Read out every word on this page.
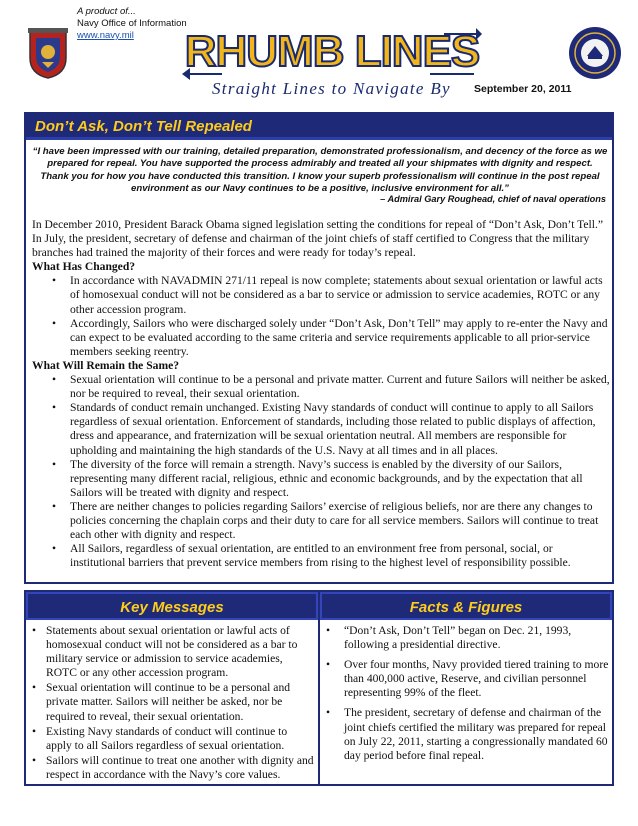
A product of...
Navy Office of Information
www.navy.mil	RHUMB LINES
Straight Lines to Navigate By September 20, 2011
Don’t Ask, Don’t Tell Repealed
“I have been impressed with our training, detailed preparation, demonstrated professionalism, and decency of the force as we prepared for repeal. You have supported the process admirably and treated all your shipmates with dignity and respect. Thank you for how you have conducted this transition. I know your superb professionalism will continue in the post repeal environment as our Navy continues to be a positive, inclusive environment for all.”
– Admiral Gary Roughead, chief of naval operations

In December 2010, President Barack Obama signed legislation setting the conditions for repeal of “Don’t Ask, Don’t Tell.” In July, the president, secretary of defense and chairman of the joint chiefs of staff certified to Congress that the military branches had trained the majority of their forces and were ready for today’s repeal.

What Has Changed?

• In accordance with NAVADMIN 271/11 repeal is now complete; statements about sexual orientation or lawful acts of homosexual conduct will not be considered as a bar to service or admission to service academies, ROTC or any other accession program.
• Accordingly, Sailors who were discharged solely under “Don’t Ask, Don’t Tell” may apply to re-enter the Navy and can expect to be evaluated according to the same criteria and service requirements applicable to all prior-service members seeking reentry.

What Will Remain the Same?

• Sexual orientation will continue to be a personal and private matter. Current and future Sailors will neither be asked, nor be required to reveal, their sexual orientation.
• Standards of conduct remain unchanged. Existing Navy standards of conduct will continue to apply to all Sailors regardless of sexual orientation. Enforcement of standards, including those related to public displays of affection, dress and appearance, and fraternization will be sexual orientation neutral. All members are responsible for upholding and maintaining the high standards of the U.S. Navy at all times and in all places.
• The diversity of the force will remain a strength. Navy’s success is enabled by the diversity of our Sailors, representing many different racial, religious, ethnic and economic backgrounds, and by the expectation that all Sailors will be treated with dignity and respect.
• There are neither changes to policies regarding Sailors’ exercise of religious beliefs, nor are there any changes to policies concerning the chaplain corps and their duty to care for all service members. Sailors will continue to treat each other with dignity and respect.
• All Sailors, regardless of sexual orientation, are entitled to an environment free from personal, social, or institutional barriers that prevent service members from rising to the highest level of responsibility possible.
Key Messages
• Statements about sexual orientation or lawful acts of homosexual conduct will not be considered as a bar to military service or admission to service academies, ROTC or any other accession program.
• Sexual orientation will continue to be a personal and private matter. Sailors will neither be asked, nor be required to reveal, their sexual orientation.
• Existing Navy standards of conduct will continue to apply to all Sailors regardless of sexual orientation.
• Sailors will continue to treat one another with dignity and respect in accordance with the Navy’s core values.
Facts & Figures
• “Don’t Ask, Don’t Tell” began on Dec. 21, 1993, following a presidential directive.
• Over four months, Navy provided tiered training to more than 400,000 active, Reserve, and civilian personnel representing 99% of the fleet.
• The president, secretary of defense and chairman of the joint chiefs certified the military was prepared for repeal on July 22, 2011, starting a congressionally mandated 60 day period before final repeal.
